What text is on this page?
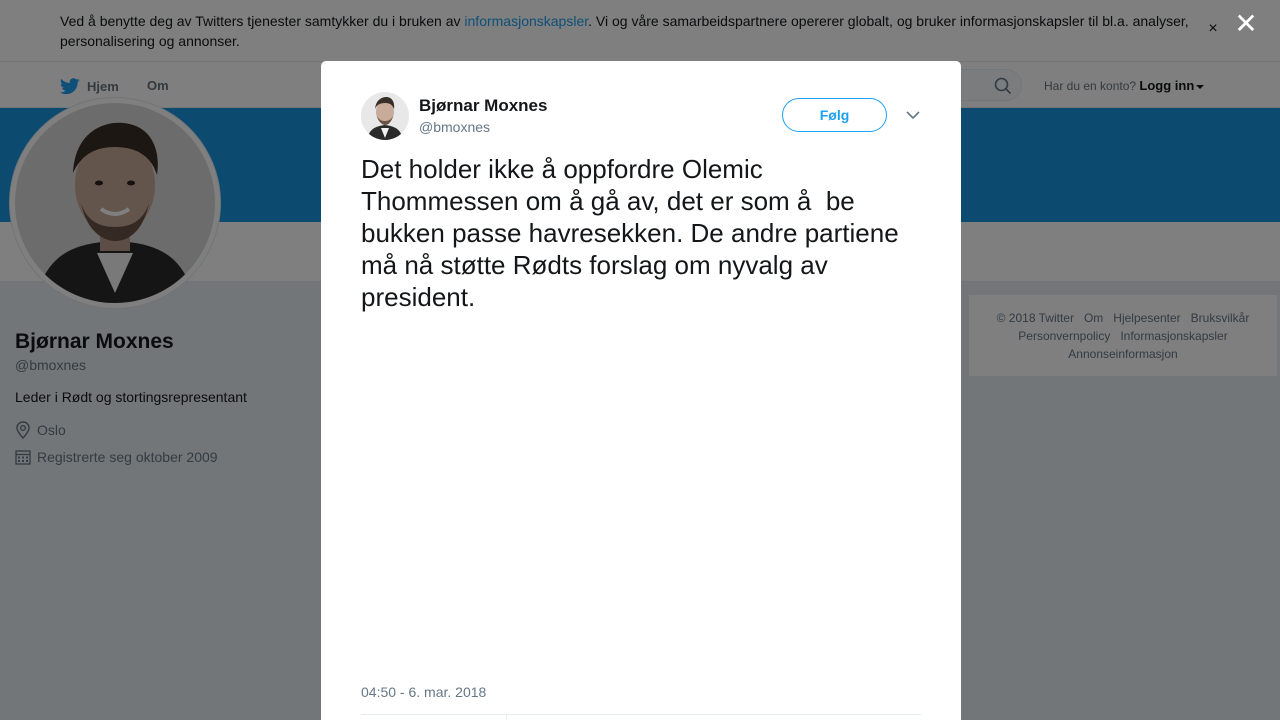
✕
Bjørnar Moxnes
@bmoxnes
Følg
Det holder ikke å oppfordre Olemic Thommessen om å gå av, det er som å  be bukken passe havresekken. De andre partiene må nå støtte Rødts forslag om nyvalg av president.
04:50 - 6. mar. 2018
